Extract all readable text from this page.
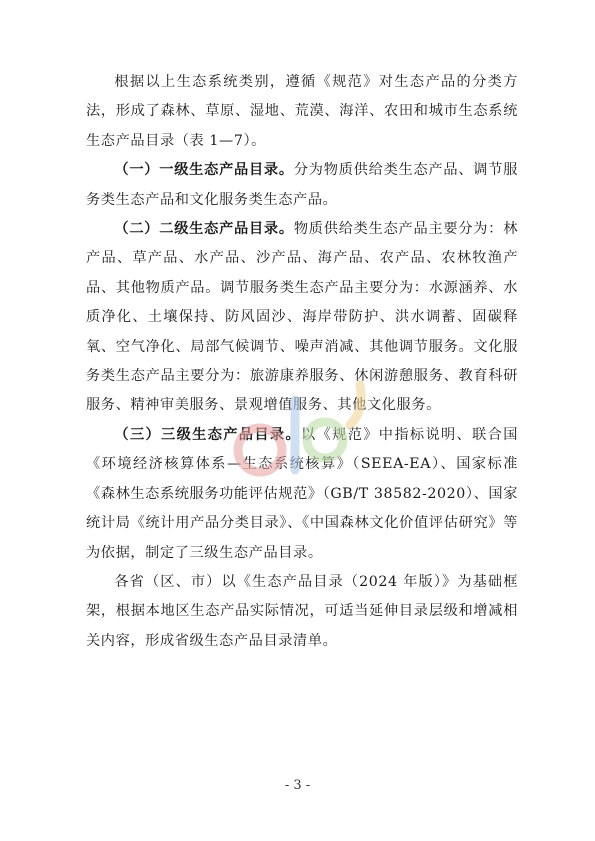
根据以上生态系统类别，遵循《规范》对生态产品的分类方法，形成了森林、草原、湿地、荒漠、海洋、农田和城市生态系统生态产品目录（表 1—7）。

（一）一级生态产品目录。分为物质供给类生态产品、调节服务类生态产品和文化服务类生态产品。

（二）二级生态产品目录。物质供给类生态产品主要分为：林产品、草产品、水产品、沙产品、海产品、农产品、农林牧渔产品、其他物质产品。调节服务类生态产品主要分为：水源涵养、水质净化、土壤保持、防风固沙、海岸带防护、洪水调蓄、固碳释氧、空气净化、局部气候调节、噪声消减、其他调节服务。文化服务类生态产品主要分为：旅游康养服务、休闲游憩服务、教育科研服务、精神审美服务、景观增值服务、其他文化服务。

（三）三级生态产品目录。以《规范》中指标说明、联合国《环境经济核算体系—生态系统核算》（SEEA-EA）、国家标准《森林生态系统服务功能评估规范》（GB/T 38582-2020）、国家统计局《统计用产品分类目录》、《中国森林文化价值评估研究》等为依据，制定了三级生态产品目录。

各省（区、市）以《生态产品目录（2024 年版）》为基础框架，根据本地区生态产品实际情况，可适当延伸目录层级和增减相关内容，形成省级生态产品目录清单。

- 3 -
